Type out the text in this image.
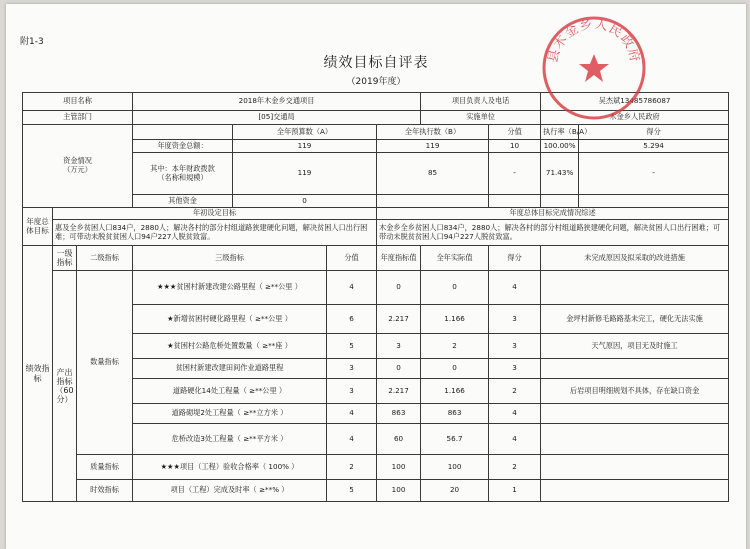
附1-3
绩效目标自评表
（2019年度）
项目名称			2018年木金乡交通项目				项目负责人及电话		吴杰斌13485786087	
主管部门			[05]交通局				实施单位		木金乡人民政府	
资金情况
（万元）				全年预算数（A）		全年执行数（B）		分值	执行率（B/A）	得分
			年度资金总额：	119		119		10	100.00%	5.294
			其中：本年财政拨款
（名称和規模）	119		85		-	71.43%	-
			其他资金	0						
年度总体目标	年初设定目标					年度总体目标完成情况综述				
	惠及全乡贫困人口834户，2880人；解决各村的部分村组道路狭建硬化问题，解决贫困人口出行困难；可带动未脱贫贫困人口94户227人脱贫致富。					木金乡全乡贫困人口834户，2880人；解决各村的部分村组道路狭建硬化问题，解决贫困人口出行困难；可带动未脱贫贫困人口94户227人脱贫致富。				
绩效指标	一级指标	二级指标	三级指标		分值	年度指标值	全年实际值	得分	未完成原因及拟采取的改进措施	
	产出指标（60分）	数量指标	★★★贫困村新建改建公路里程（ ≥**公里 ）		4	0	0	4		
			★新增贫困村硬化路里程（ ≥**公里 ）		6	2.217	1.166	3	金坪村新修毛路路基未完工，硬化无法实施	
			★贫困村公路危桥处置数量（ ≥**座 ）		5	3	2	3	天气原因，项目无及时施工	
			贫困村新建改建田间作业道路里程		3	0	0	3		
			道路硬化14处工程量（ ≥**公里 ）		3	2.217	1.166	2	后岩项目明细规划不具体，存在缺口资金	
			道路砌堤2处工程量（ ≥**立方米 ）		4	863	863	4		
			危桥改造3处工程量（ ≥**平方米 ）		4	60	56.7	4		
		质量指标	★★★项目（工程）验收合格率（ 100% ）		2	100	100	2		
		时效指标	项目（工程）完成及时率（ ≥**% ）		5	100	20	1		
县木金乡人民政府
